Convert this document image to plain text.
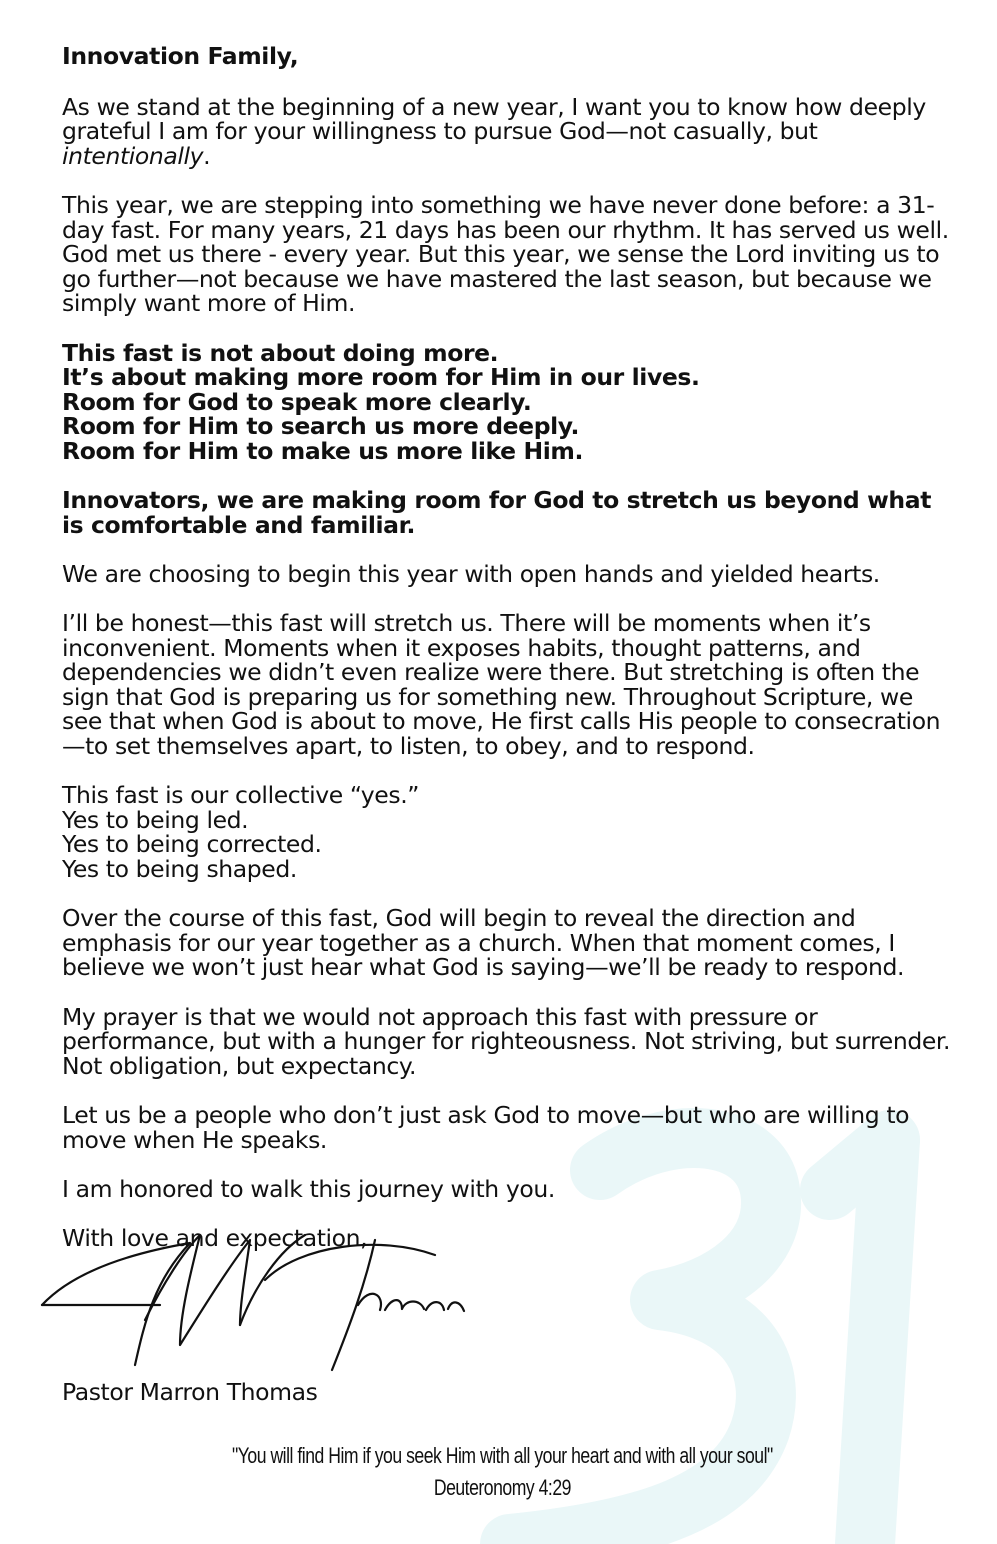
Innovation Family,

As we stand at the beginning of a new year, I want you to know how deeply grateful I am for your willingness to pursue God—not casually, but intentionally.

This year, we are stepping into something we have never done before: a 31-day fast. For many years, 21 days has been our rhythm. It has served us well. God met us there - every year. But this year, we sense the Lord inviting us to go further—not because we have mastered the last season, but because we simply want more of Him.

This fast is not about doing more.
It’s about making more room for Him in our lives.
Room for God to speak more clearly.
Room for Him to search us more deeply.
Room for Him to make us more like Him.

Innovators, we are making room for God to stretch us beyond what is comfortable and familiar.

We are choosing to begin this year with open hands and yielded hearts.

I’ll be honest—this fast will stretch us. There will be moments when it’s inconvenient. Moments when it exposes habits, thought patterns, and dependencies we didn’t even realize were there. But stretching is often the sign that God is preparing us for something new. Throughout Scripture, we see that when God is about to move, He first calls His people to consecration—to set themselves apart, to listen, to obey, and to respond.

This fast is our collective “yes.”
Yes to being led.
Yes to being corrected.
Yes to being shaped.

Over the course of this fast, God will begin to reveal the direction and emphasis for our year together as a church. When that moment comes, I believe we won’t just hear what God is saying—we’ll be ready to respond.

My prayer is that we would not approach this fast with pressure or performance, but with a hunger for righteousness. Not striving, but surrender. Not obligation, but expectancy.

Let us be a people who don’t just ask God to move—but who are willing to move when He speaks.

I am honored to walk this journey with you.

With love and expectation,

Pastor Marron Thomas
"You will find Him if you seek Him with all your heart and with all your soul"
Deuteronomy 4:29
